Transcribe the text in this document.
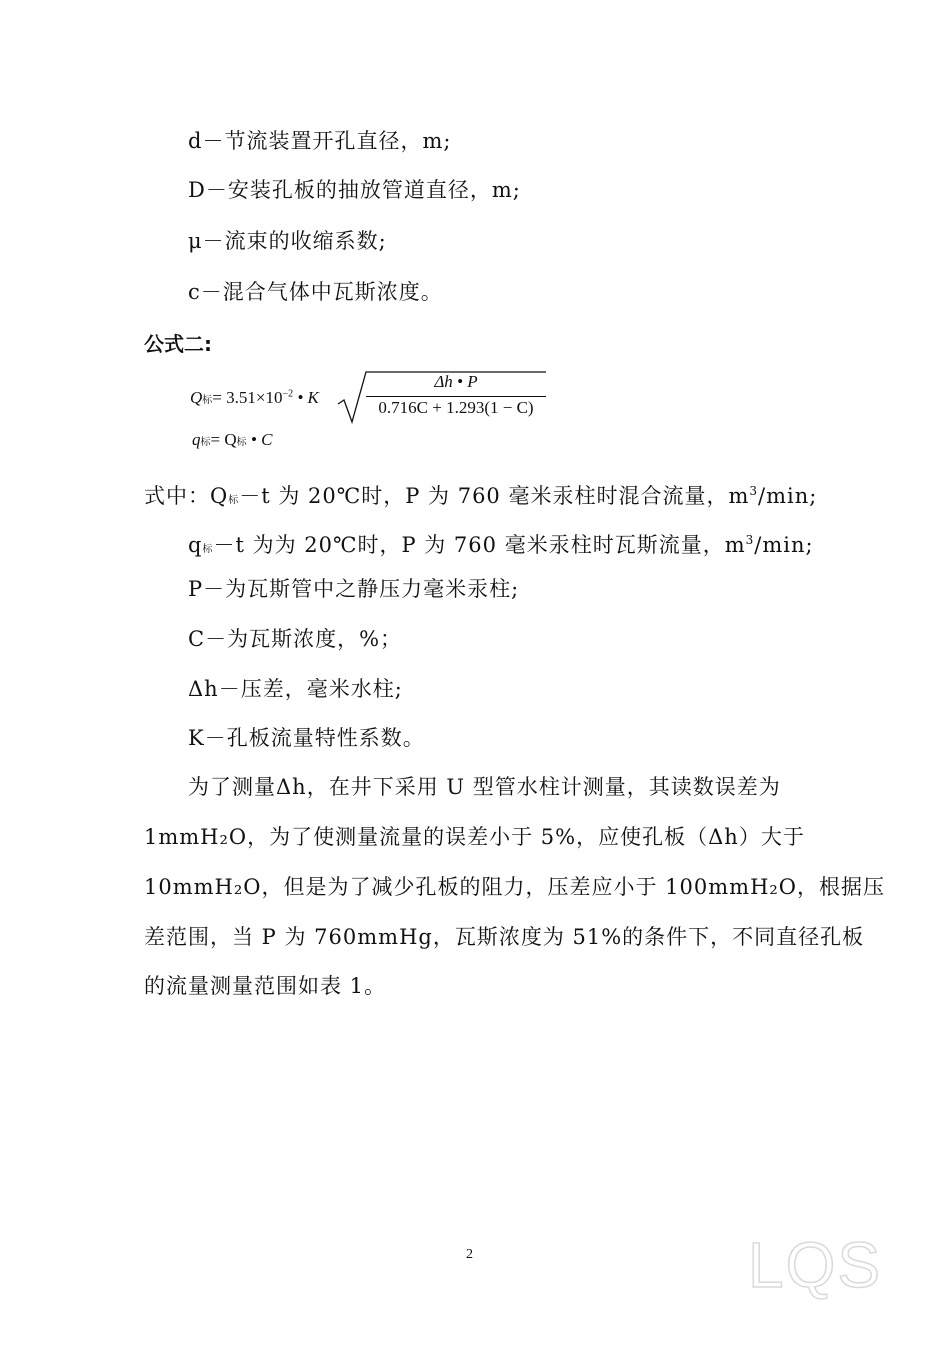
d－节流装置开孔直径，m;
D－安装孔板的抽放管道直径，m;
μ－流束的收缩系数;
c－混合气体中瓦斯浓度。
公式二:
Q标= $3.51\times 10^{-2}$ • K
Δh • P
0.716C + 1.293(1 − C)
q标= Q标 • C
式中：Q标－t 为 20℃时，P 为 760 毫米汞柱时混合流量，$m^3/\min$;
q标－t 为为 20℃时，P 为 760 毫米汞柱时瓦斯流量，$m^3/\min$;
P－为瓦斯管中之静压力毫米汞柱;
C－为瓦斯浓度，%；
Δh－压差，毫米水柱;
K－孔板流量特性系数。
为了测量Δh，在井下采用 U 型管水柱计测量，其读数误差为
1mmH₂O，为了使测量流量的误差小于 5%，应使孔板（Δh）大于
10mmH₂O，但是为了减少孔板的阻力，压差应小于 100mmH₂O，根据压
差范围，当 P 为 760mmHg，瓦斯浓度为 51%的条件下，不同直径孔板
的流量测量范围如表 1。
2	LQS
